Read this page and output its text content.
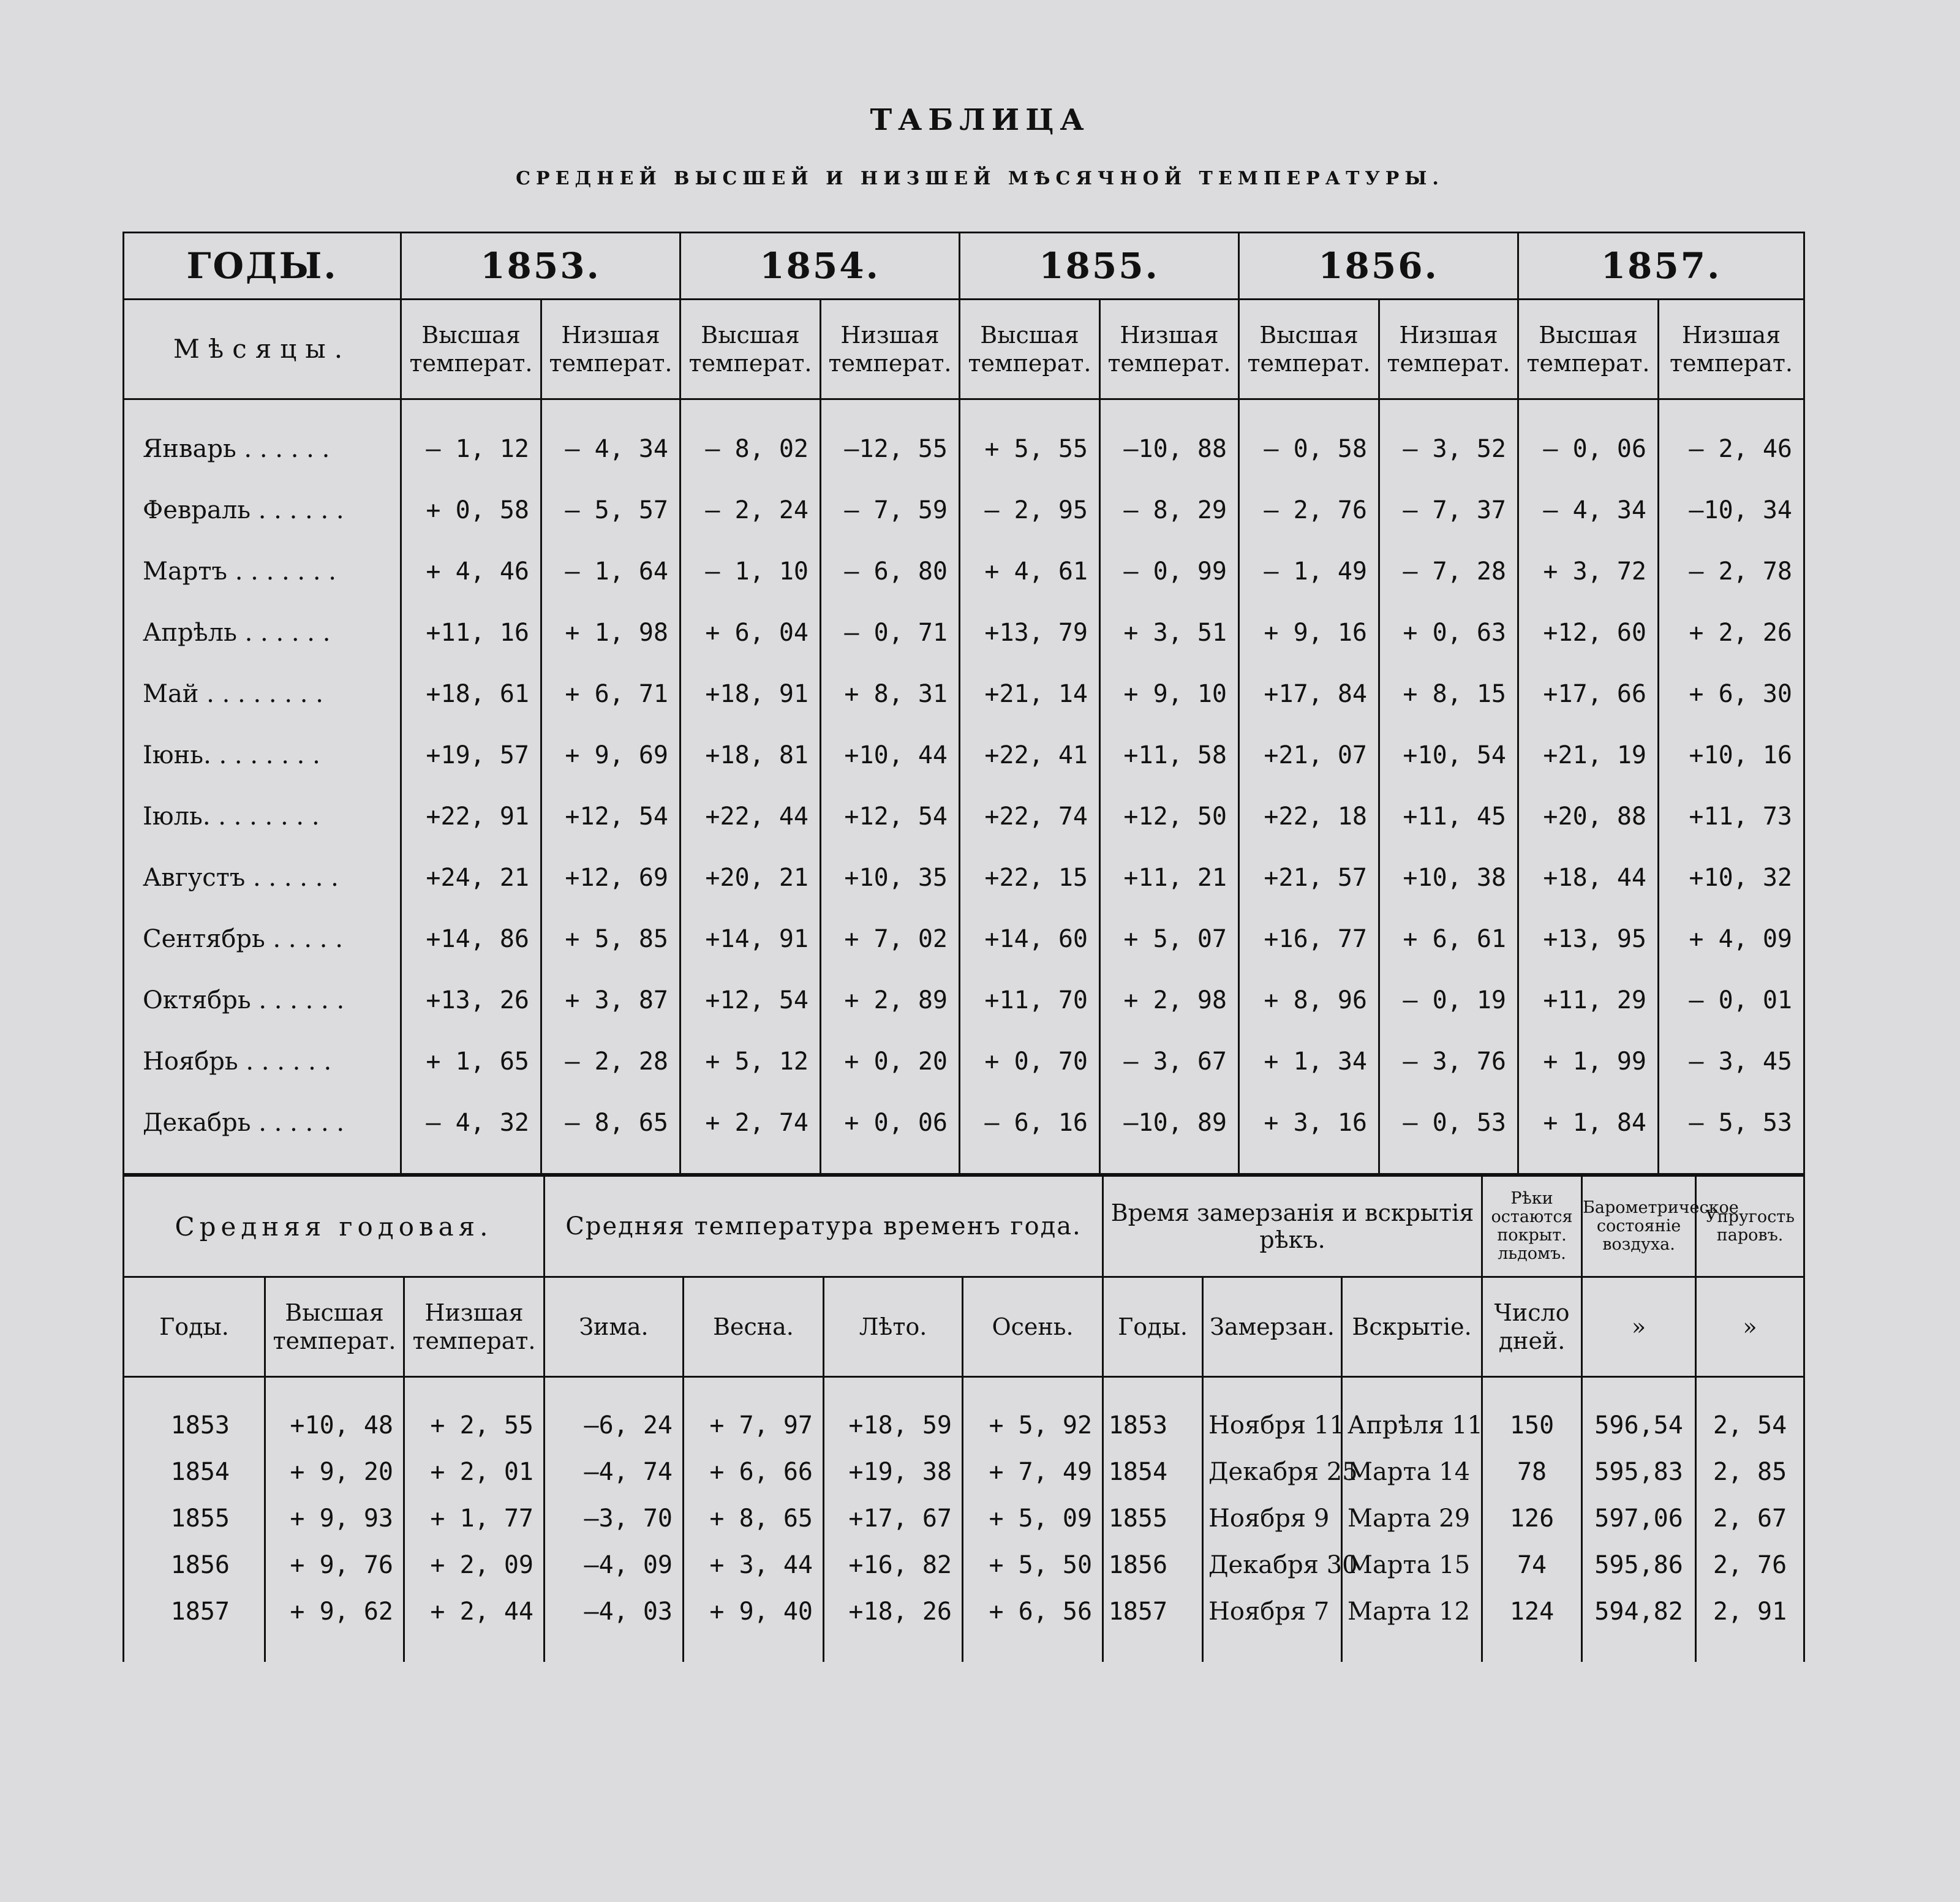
ТАБЛИЦА
СРЕДНЕЙ ВЫСШЕЙ И НИЗШЕЙ МѢСЯЧНОЙ ТЕМПЕРАТУРЫ.
ГОДЫ.	1853.		1854.		1855.		1856.		1857.	
Мѣсяцы.	Высшая температ.	Низшая температ.	Высшая температ.	Низшая температ.	Высшая температ.	Низшая температ.	Высшая температ.	Низшая температ.	Высшая температ.	Низшая температ.
Январь . . . . . .	— 1, 12	— 4, 34	— 8, 02	—12, 55	+ 5, 55	—10, 88	— 0, 58	— 3, 52	— 0, 06	— 2, 46
Февраль . . . . . .	+ 0, 58	— 5, 57	— 2, 24	— 7, 59	— 2, 95	— 8, 29	— 2, 76	— 7, 37	— 4, 34	—10, 34
Мартъ . . . . . . .	+ 4, 46	— 1, 64	— 1, 10	— 6, 80	+ 4, 61	— 0, 99	— 1, 49	— 7, 28	+ 3, 72	— 2, 78
Апрѣль . . . . . .	+11, 16	+ 1, 98	+ 6, 04	— 0, 71	+13, 79	+ 3, 51	+ 9, 16	+ 0, 63	+12, 60	+ 2, 26
Май . . . . . . . .	+18, 61	+ 6, 71	+18, 91	+ 8, 31	+21, 14	+ 9, 10	+17, 84	+ 8, 15	+17, 66	+ 6, 30
Іюнь. . . . . . . .	+19, 57	+ 9, 69	+18, 81	+10, 44	+22, 41	+11, 58	+21, 07	+10, 54	+21, 19	+10, 16
Іюль. . . . . . . .	+22, 91	+12, 54	+22, 44	+12, 54	+22, 74	+12, 50	+22, 18	+11, 45	+20, 88	+11, 73
Августъ . . . . . .	+24, 21	+12, 69	+20, 21	+10, 35	+22, 15	+11, 21	+21, 57	+10, 38	+18, 44	+10, 32
Сентябрь . . . . .	+14, 86	+ 5, 85	+14, 91	+ 7, 02	+14, 60	+ 5, 07	+16, 77	+ 6, 61	+13, 95	+ 4, 09
Октябрь . . . . . .	+13, 26	+ 3, 87	+12, 54	+ 2, 89	+11, 70	+ 2, 98	+ 8, 96	— 0, 19	+11, 29	— 0, 01
Ноябрь . . . . . .	+ 1, 65	— 2, 28	+ 5, 12	+ 0, 20	+ 0, 70	— 3, 67	+ 1, 34	— 3, 76	+ 1, 99	— 3, 45
Декабрь . . . . . .	— 4, 32	— 8, 65	+ 2, 74	+ 0, 06	— 6, 16	—10, 89	+ 3, 16	— 0, 53	+ 1, 84	— 5, 53
Средняя годовая.			Средняя температура временъ года.				Время замерзанія и вскрытія рѣкъ.			Рѣки остаются покрыт. льдомъ.	Барометрическое состояніе воздуха.	Упругость паровъ.
Годы.	Высшая температ.	Низшая температ.	Зима.	Весна.	Лѣто.	Осень.	Годы.	Замерзан.	Вскрытіе.	Число дней.	»	»
1853	+10, 48	+ 2, 55	—6, 24	+ 7, 97	+18, 59	+ 5, 92	1853	Ноября 11	Апрѣля 11	150	596,54	2, 54
1854	+ 9, 20	+ 2, 01	—4, 74	+ 6, 66	+19, 38	+ 7, 49	1854	Декабря 25	Марта 14	78	595,83	2, 85
1855	+ 9, 93	+ 1, 77	—3, 70	+ 8, 65	+17, 67	+ 5, 09	1855	Ноября 9	Марта 29	126	597,06	2, 67
1856	+ 9, 76	+ 2, 09	—4, 09	+ 3, 44	+16, 82	+ 5, 50	1856	Декабря 30	Марта 15	74	595,86	2, 76
1857	+ 9, 62	+ 2, 44	—4, 03	+ 9, 40	+18, 26	+ 6, 56	1857	Ноября 7	Марта 12	124	594,82	2, 91
